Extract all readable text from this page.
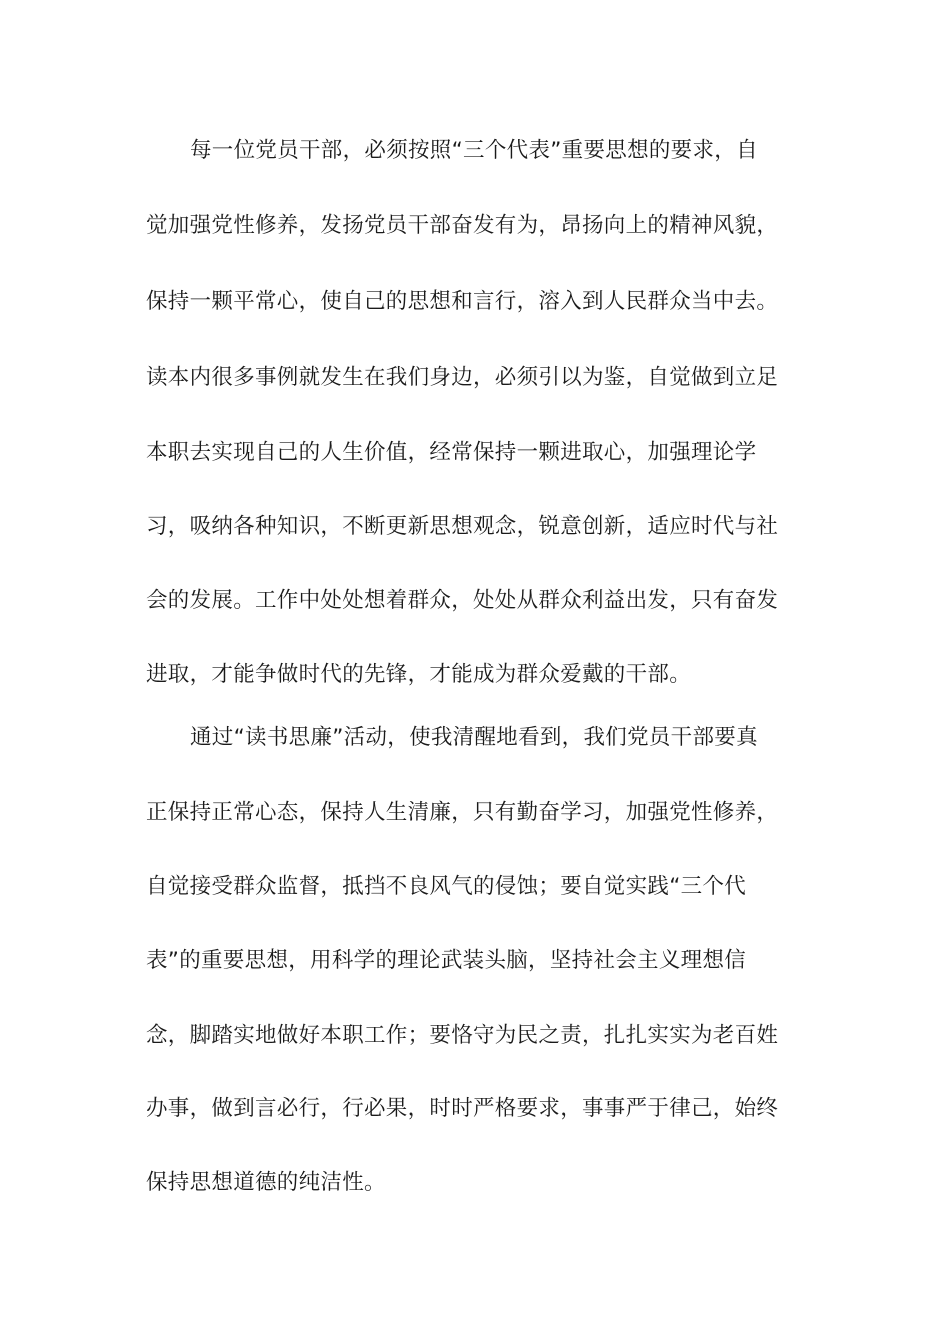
每一位党员干部，必须按照“三个代表”重要思想的要求，自
觉加强党性修养，发扬党员干部奋发有为，昂扬向上的精神风貌，
保持一颗平常心，使自己的思想和言行，溶入到人民群众当中去。
读本内很多事例就发生在我们身边，必须引以为鉴，自觉做到立足
本职去实现自己的人生价值，经常保持一颗进取心，加强理论学
习，吸纳各种知识，不断更新思想观念，锐意创新，适应时代与社
会的发展。工作中处处想着群众，处处从群众利益出发，只有奋发
进取，才能争做时代的先锋，才能成为群众爱戴的干部。
通过“读书思廉”活动，使我清醒地看到，我们党员干部要真
正保持正常心态，保持人生清廉，只有勤奋学习，加强党性修养，
自觉接受群众监督，抵挡不良风气的侵蚀；要自觉实践“三个代
表”的重要思想，用科学的理论武装头脑，坚持社会主义理想信
念，脚踏实地做好本职工作；要恪守为民之责，扎扎实实为老百姓
办事，做到言必行，行必果，时时严格要求，事事严于律己，始终
保持思想道德的纯洁性。
